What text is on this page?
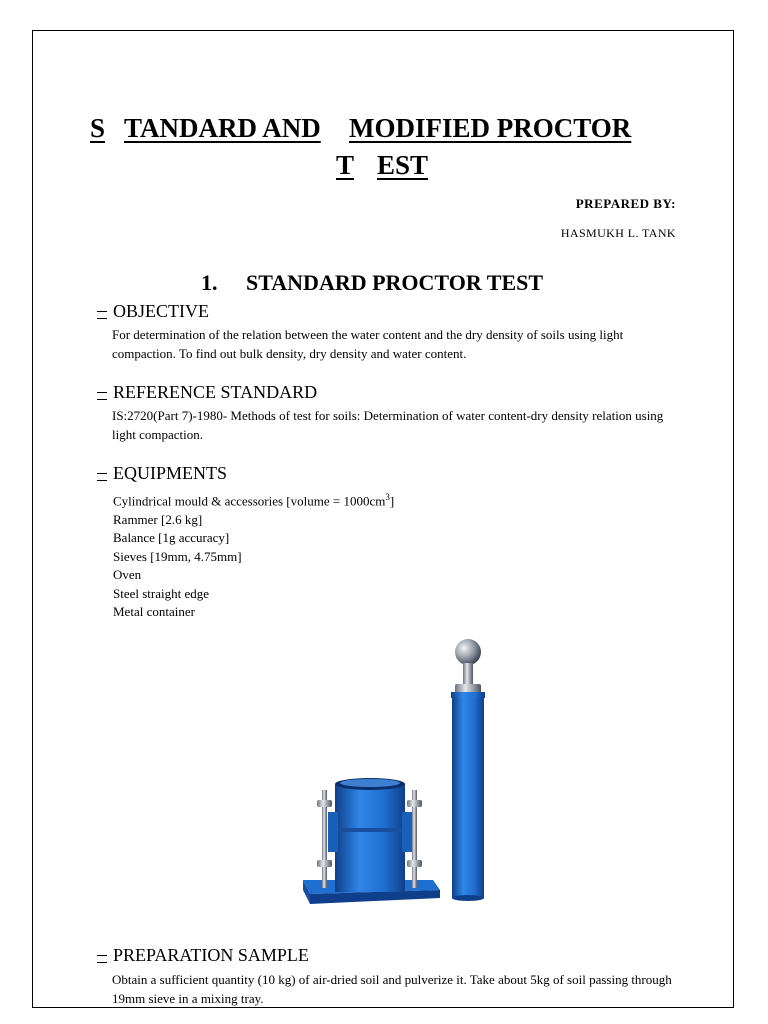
S TANDARD AND MODIFIED PROCTOR
T EST
PREPARED BY:
HASMUKH L. TANK
1. STANDARD PROCTOR TEST
OBJECTIVE
For determination of the relation between the water content and the dry density of soils using light compaction. To find out bulk density, dry density and water content.
REFERENCE STANDARD
IS:2720(Part 7)-1980- Methods of test for soils: Determination of water content-dry density relation using light compaction.
EQUIPMENTS
Cylindrical mould & accessories [volume = $1000cm^3$]
Rammer [2.6 kg]
Balance [1g accuracy]
Sieves [19mm, 4.75mm]
Oven
Steel straight edge
Metal container
PREPARATION SAMPLE
Obtain a sufficient quantity (10 kg) of air-dried soil and pulverize it. Take about 5kg of soil passing through 19mm sieve in a mixing tray.
